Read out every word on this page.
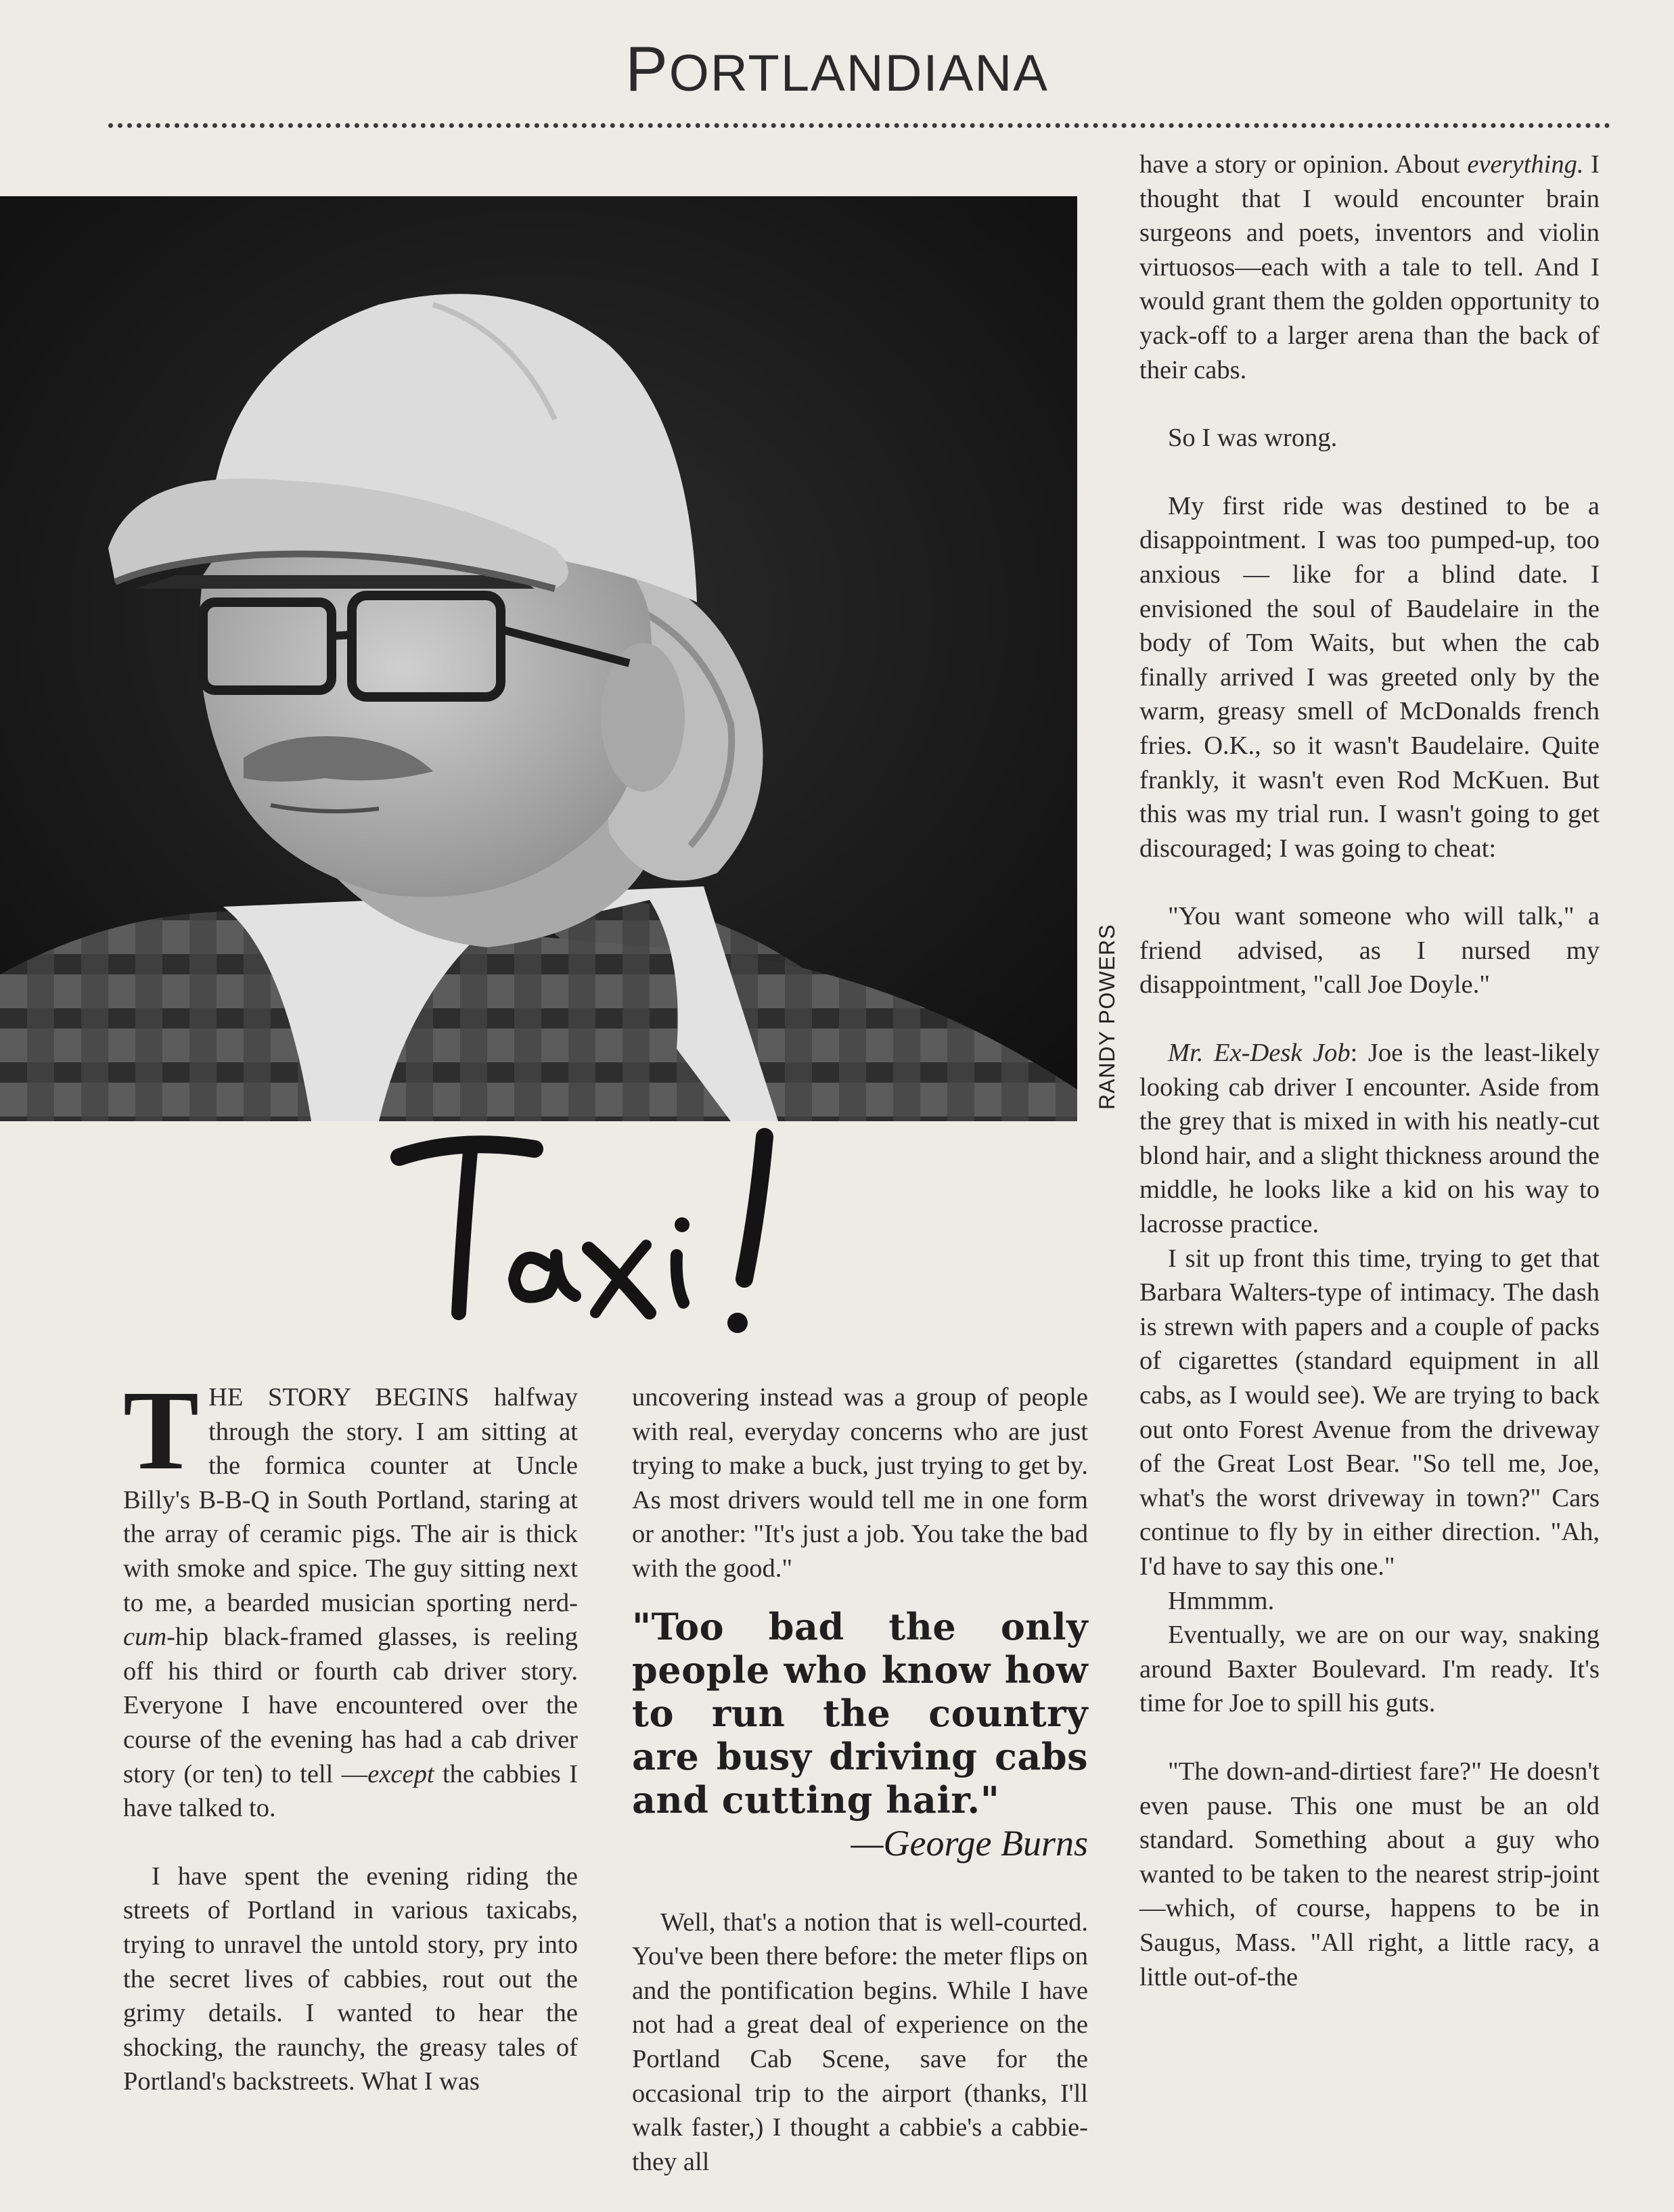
PORTLANDIANA
RANDY POWERS

THE STORY BEGINS halfway through the story. I am sitting at the formica counter at Uncle Billy's B-B-Q in South Portland, staring at the array of ceramic pigs. The air is thick with smoke and spice. The guy sitting next to me, a bearded musician sporting nerd-cum-hip black-framed glasses, is reeling off his third or fourth cab driver story. Everyone I have encountered over the course of the evening has had a cab driver story (or ten) to tell —except the cabbies I have talked to.

I have spent the evening riding the streets of Portland in various taxicabs, trying to unravel the untold story, pry into the secret lives of cabbies, rout out the grimy details. I wanted to hear the shocking, the raunchy, the greasy tales of Portland's backstreets. What I was

uncovering instead was a group of people with real, everyday concerns who are just trying to make a buck, just trying to get by. As most drivers would tell me in one form or another: "It's just a job. You take the bad with the good."

"Too bad the only people who know how to run the country are busy driving cabs and cutting hair."
—George Burns

Well, that's a notion that is well-courted. You've been there before: the meter flips on and the pontification begins. While I have not had a great deal of experience on the Portland Cab Scene, save for the occasional trip to the airport (thanks, I'll walk faster,) I thought a cabbie's a cabbie-they all

have a story or opinion. About everything. I thought that I would encounter brain surgeons and poets, inventors and violin virtuosos—each with a tale to tell. And I would grant them the golden opportunity to yack-off to a larger arena than the back of their cabs.

So I was wrong.

My first ride was destined to be a disappointment. I was too pumped-up, too anxious — like for a blind date. I envisioned the soul of Baudelaire in the body of Tom Waits, but when the cab finally arrived I was greeted only by the warm, greasy smell of McDonalds french fries. O.K., so it wasn't Baudelaire. Quite frankly, it wasn't even Rod McKuen. But this was my trial run. I wasn't going to get discouraged; I was going to cheat:

"You want someone who will talk," a friend advised, as I nursed my disappointment, "call Joe Doyle."

Mr. Ex-Desk Job: Joe is the least-likely looking cab driver I encounter. Aside from the grey that is mixed in with his neatly-cut blond hair, and a slight thickness around the middle, he looks like a kid on his way to lacrosse practice.

I sit up front this time, trying to get that Barbara Walters-type of intimacy. The dash is strewn with papers and a couple of packs of cigarettes (standard equipment in all cabs, as I would see). We are trying to back out onto Forest Avenue from the driveway of the Great Lost Bear. "So tell me, Joe, what's the worst driveway in town?" Cars continue to fly by in either direction. "Ah, I'd have to say this one."

Hmmmm.

Eventually, we are on our way, snaking around Baxter Boulevard. I'm ready. It's time for Joe to spill his guts.

"The down-and-dirtiest fare?" He doesn't even pause. This one must be an old standard. Something about a guy who wanted to be taken to the nearest strip-joint—which, of course, happens to be in Saugus, Mass. "All right, a little racy, a little out-of-the
